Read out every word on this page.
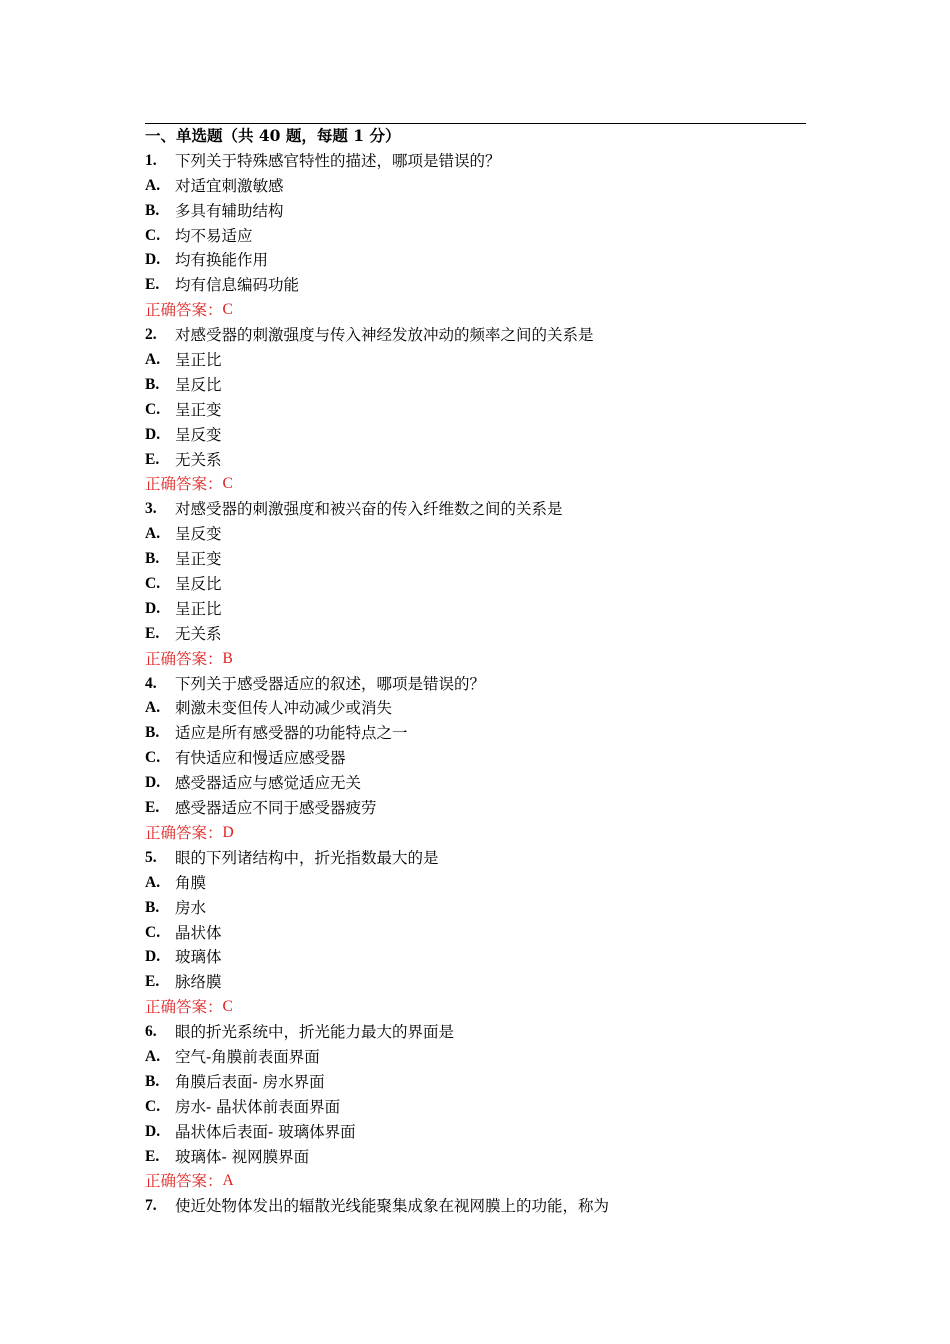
一、单选题（共 40 题，每题 1 分）
1.	下列关于特殊感官特性的描述，哪项是错误的？
A. 对适宜刺激敏感
B.	多具有辅助结构
C. 均不易适应
D. 均有换能作用
E.	均有信息编码功能
正确答案： C
2.	对感受器的刺激强度与传入神经发放冲动的频率之间的关系是
A. 呈正比
B.	呈反比
C. 呈正变
D. 呈反变
E.	无关系
正确答案： C
3.	对感受器的刺激强度和被兴奋的传入纤维数之间的关系是
A. 呈反变
B.	呈正变
C. 呈反比
D. 呈正比
E.	无关系
正确答案： B
4.	下列关于感受器适应的叙述，哪项是错误的？
A. 刺激未变但传人冲动减少或消失
B.	适应是所有感受器的功能特点之一
C. 有快适应和慢适应感受器
D. 感受器适应与感觉适应无关
E.	感受器适应不同于感受器疲劳
正确答案： D
5.	眼的下列诸结构中，折光指数最大的是
A. 角膜
B.	房水
C. 晶状体
D. 玻璃体
E.	脉络膜
正确答案： C
6.	眼的折光系统中，折光能力最大的界面是
A. 空气-角膜前表面界面
B.	角膜后表面- 房水界面
C. 房水- 晶状体前表面界面
D. 晶状体后表面- 玻璃体界面
E.	玻璃体- 视网膜界面
正确答案： A
7.	使近处物体发出的辐散光线能聚集成象在视网膜上的功能，称为
